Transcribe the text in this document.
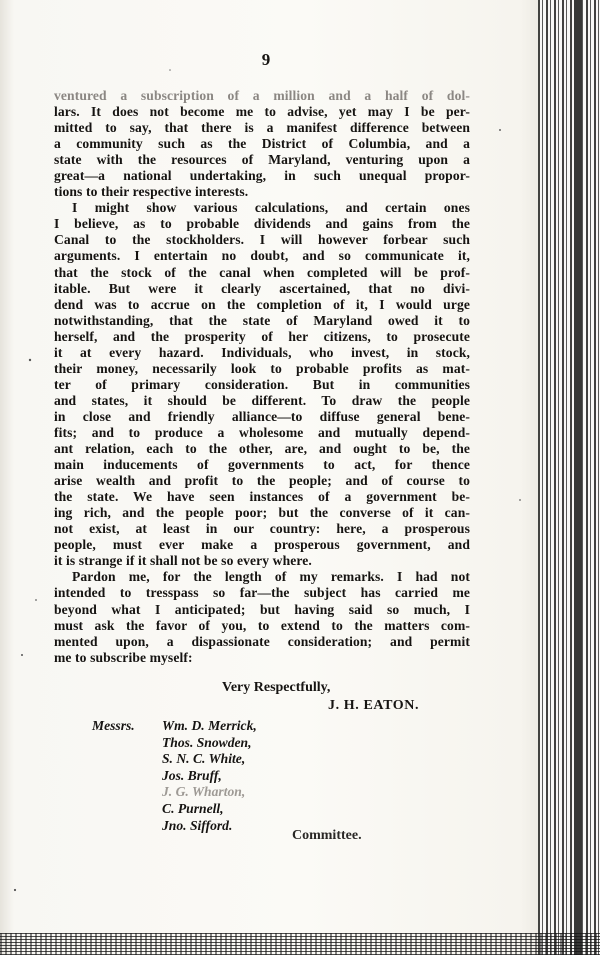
9
ventured a subscription of a million and a half of dol-
lars. It does not become me to advise, yet may I be per-
mitted to say, that there is a manifest difference between
a community such as the District of Columbia, and a
state with the resources of Maryland, venturing upon a
great—a national undertaking, in such unequal propor-
tions to their respective interests.
I might show various calculations, and certain ones
I believe, as to probable dividends and gains from the
Canal to the stockholders. I will however forbear such
arguments. I entertain no doubt, and so communicate it,
that the stock of the canal when completed will be prof-
itable. But were it clearly ascertained, that no divi-
dend was to accrue on the completion of it, I would urge
notwithstanding, that the state of Maryland owed it to
herself, and the prosperity of her citizens, to prosecute
it at every hazard. Individuals, who invest, in stock,
their money, necessarily look to probable profits as mat-
ter of primary consideration. But in communities
and states, it should be different. To draw the people
in close and friendly alliance—to diffuse general bene-
fits; and to produce a wholesome and mutually depend-
ant relation, each to the other, are, and ought to be, the
main inducements of governments to act, for thence
arise wealth and profit to the people; and of course to
the state. We have seen instances of a government be-
ing rich, and the people poor; but the converse of it can-
not exist, at least in our country: here, a prosperous
people, must ever make a prosperous government, and
it is strange if it shall not be so every where.
Pardon me, for the length of my remarks. I had not
intended to tresspass so far—the subject has carried me
beyond what I anticipated; but having said so much, I
must ask the favor of you, to extend to the matters com-
mented upon, a dispassionate consideration; and permit
me to subscribe myself:
Very Respectfully,
J. H. EATON.
Messrs. Wm. D. Merrick,
Thos. Snowden,
S. N. C. White,
Jos. Bruff,
J. G. Wharton,
C. Purnell,
Jno. Sifford.
Committee.
